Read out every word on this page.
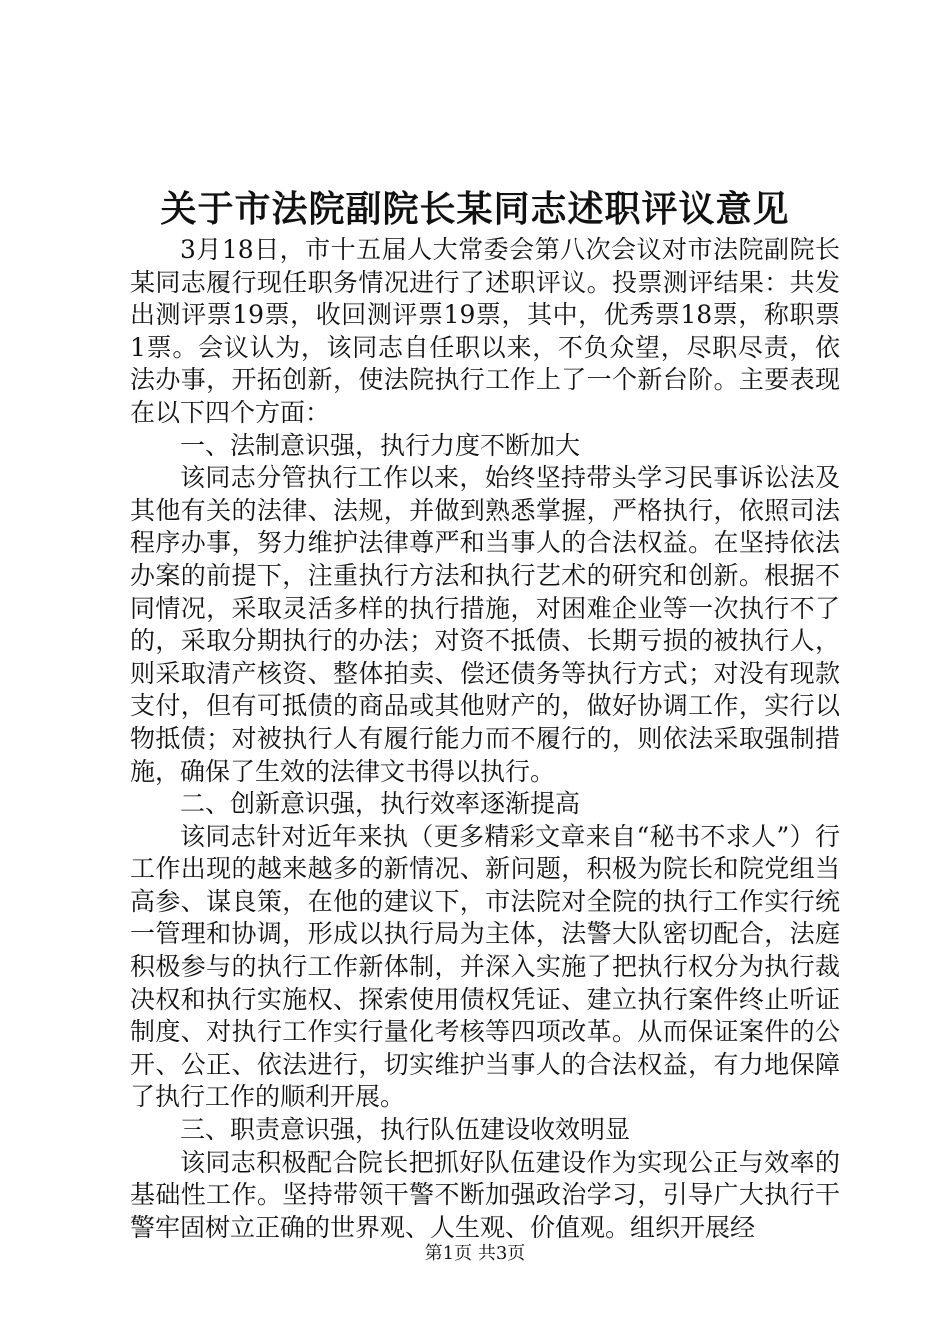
关于市法院副院长某同志述职评议意见

3月18日，市十五届人大常委会第八次会议对市法院副院长某同志履行现任职务情况进行了述职评议。投票测评结果：共发出测评票19票，收回测评票19票，其中，优秀票18票，称职票1票。会议认为，该同志自任职以来，不负众望，尽职尽责，依法办事，开拓创新，使法院执行工作上了一个新台阶。主要表现在以下四个方面：

一、法制意识强，执行力度不断加大

该同志分管执行工作以来，始终坚持带头学习民事诉讼法及其他有关的法律、法规，并做到熟悉掌握，严格执行，依照司法程序办事，努力维护法律尊严和当事人的合法权益。在坚持依法办案的前提下，注重执行方法和执行艺术的研究和创新。根据不同情况，采取灵活多样的执行措施，对困难企业等一次执行不了的，采取分期执行的办法；对资不抵债、长期亏损的被执行人，则采取清产核资、整体拍卖、偿还债务等执行方式；对没有现款支付，但有可抵债的商品或其他财产的，做好协调工作，实行以物抵债；对被执行人有履行能力而不履行的，则依法采取强制措施，确保了生效的法律文书得以执行。

二、创新意识强，执行效率逐渐提高

该同志针对近年来执（更多精彩文章来自“秘书不求人”）行工作出现的越来越多的新情况、新问题，积极为院长和院党组当高参、谋良策，在他的建议下，市法院对全院的执行工作实行统一管理和协调，形成以执行局为主体，法警大队密切配合，法庭积极参与的执行工作新体制，并深入实施了把执行权分为执行裁决权和执行实施权、探索使用债权凭证、建立执行案件终止听证制度、对执行工作实行量化考核等四项改革。从而保证案件的公开、公正、依法进行，切实维护当事人的合法权益，有力地保障了执行工作的顺利开展。

三、职责意识强，执行队伍建设收效明显

该同志积极配合院长把抓好队伍建设作为实现公正与效率的基础性工作。坚持带领干警不断加强政治学习，引导广大执行干警牢固树立正确的世界观、人生观、价值观。组织开展经

第1页 共3页
